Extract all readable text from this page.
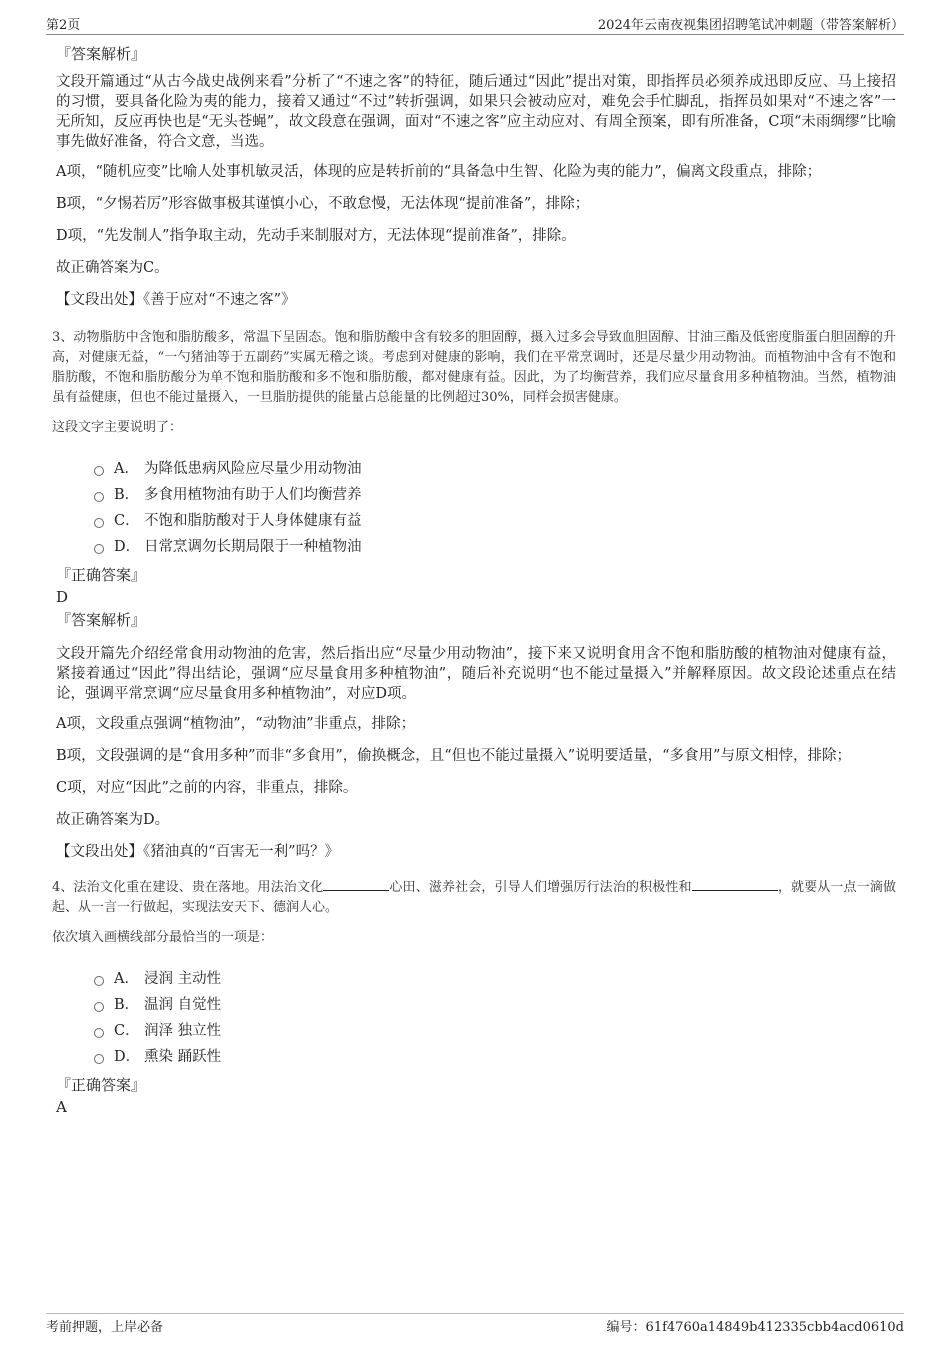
第2页	2024年云南夜视集团招聘笔试冲刺题（带答案解析）
『答案解析』
文段开篇通过“从古今战史战例来看”分析了“不速之客”的特征，随后通过“因此”提出对策，即指挥员必须养成迅即反应、马上接招的习惯，要具备化险为夷的能力，接着又通过“不过”转折强调，如果只会被动应对，难免会手忙脚乱，指挥员如果对“不速之客”一无所知，反应再快也是“无头苍蝇”，故文段意在强调，面对“不速之客”应主动应对、有周全预案，即有所准备，C项“未雨绸缪”比喻事先做好准备，符合文意，当选。
A项，“随机应变”比喻人处事机敏灵活，体现的应是转折前的“具备急中生智、化险为夷的能力”，偏离文段重点，排除；
B项，“夕惕若厉”形容做事极其谨慎小心，不敢怠慢，无法体现“提前准备”，排除；
D项，“先发制人”指争取主动，先动手来制服对方，无法体现“提前准备”，排除。
故正确答案为C。
【文段出处】《善于应对“不速之客”》
3、动物脂肪中含饱和脂肪酸多，常温下呈固态。饱和脂肪酸中含有较多的胆固醇，摄入过多会导致血胆固醇、甘油三酯及低密度脂蛋白胆固醇的升高，对健康无益，“一勺猪油等于五副药”实属无稽之谈。考虑到对健康的影响，我们在平常烹调时，还是尽量少用动物油。而植物油中含有不饱和脂肪酸，不饱和脂肪酸分为单不饱和脂肪酸和多不饱和脂肪酸，都对健康有益。因此，为了均衡营养，我们应尽量食用多种植物油。当然，植物油虽有益健康，但也不能过量摄入，一旦脂肪提供的能量占总能量的比例超过30%，同样会损害健康。
这段文字主要说明了：
A． 为降低患病风险应尽量少用动物油
B． 多食用植物油有助于人们均衡营养
C． 不饱和脂肪酸对于人身体健康有益
D． 日常烹调勿长期局限于一种植物油
『正确答案』
D
『答案解析』
文段开篇先介绍经常食用动物油的危害，然后指出应“尽量少用动物油”，接下来又说明食用含不饱和脂肪酸的植物油对健康有益，紧接着通过“因此”得出结论，强调“应尽量食用多种植物油”，随后补充说明“也不能过量摄入”并解释原因。故文段论述重点在结论，强调平常烹调“应尽量食用多种植物油”，对应D项。
A项，文段重点强调“植物油”，“动物油”非重点，排除；
B项，文段强调的是“食用多种”而非“多食用”，偷换概念，且“但也不能过量摄入”说明要适量，“多食用”与原文相悖，排除；
C项，对应“因此”之前的内容，非重点，排除。
故正确答案为D。
【文段出处】《猪油真的“百害无一利”吗？》
4、法治文化重在建设、贵在落地。用法治文化	心田、滋养社会，引导人们增强厉行法治的积极性和	，就要从一点一滴做起、从一言一行做起，实现法安天下、德润人心。
依次填入画横线部分最恰当的一项是：
A． 浸润 主动性
B． 温润 自觉性
C． 润泽 独立性
D． 熏染 踊跃性
『正确答案』
A
考前押题，上岸必备	编号：61f4760a14849b412335cbb4acd0610d
